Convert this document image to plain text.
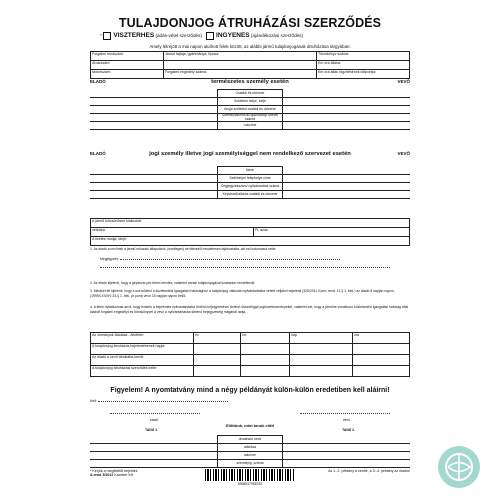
TULAJDONJOG ÁTRUHÁZÁSI SZERZŐDÉS
* VISZTERHES (adás-vétel szerződés) INGYENES (ajándékozási szerződés)
Amely létrejött a mai napon alulírott felek között, az alábbi jármű tulajdonjogának átruházása tárgyában:
Forgalmi rendszám:	Jármű fajtája, gyártmánya, típusa:	Törzskönyv száma:
Alvázszám:		Km óra állása:
Motorszám:	Forgalmi engedély száma:	Km óra állás rögzítésének időpontja:
ELADÓ	természetes személy esetén	VEVŐ
	Családi és utóneve	
	Születési helye, ideje	
	Anyja születési családi és utóneve	
	Személyazonosító igazolvány/ útlevél száma	
	Lakcíme	
ELADÓ	jogi személy illetve jogi személyiséggel nem rendelkező szervezet esetén	VEVŐ
	Neve	
	Székhelye/ telephelye címe	
	Cégjegyzékszám/ nyilvántartási száma	
	Képviselő/aláírás családi és utóneve	
A jármű kölcsönösen kialkudott
vételára	Ft, azaz
A fizetés módja, ideje:
1. Az eladó a vevőnek a jármű műszaki állapotáról, (esetleges) sérüléseiről részletesen tájékoztatta, aki ezt tudomásul vette.
Megjegyzés:
2. Az eladó kijelenti, hogy a gépkocsi per-teher-mentes, valamint annak tulajdonjogával szabadon rendelkezik.
3. Mindkét fél kijelenti, hogy a szerződést a közlekedési igazgatási hatósághoz a tulajdonjog változás nyilvántartásba vétele céljából bejelenti (326/2011 Korm. rend. 11.§ 1. bek.) az átadó 8 napján napon, (1999/LXXXIV 33.§ 1. bek. (b pont) vevő 15 napján napon belül.
4. A felek nyilatkoznak arról, hogy ismerik a bejelentés nyilvántartásba történő bejegyzésével történő összefüggő jogkövetkezményeket, valamint azt, hogy a járműre vonatkozó közlekedési igazgatási hatóság által kiadott forgalmi engedélyt és törzskönyvet a vevő a nyilvántartásba történő bejegyzéséig magánál tartja.
Az okmányok átadása - átvétele:	év	hó	nap	óra
A tulajdonjog átruházás bejelentésének napja:				
Az eladó a vevő birtokába került:				
A tulajdonjog átruházási szerződés kelte:				
Figyelem! A nyomtatvány mind a négy példányát külön-külön eredetiben kell aláírni!
Kelt:
eladó	vevő
Előttünk, mint tanúk előtt
TANÚ 1.	TANÚ 2.
	olvasható neve	
	aláírása	
	lakcíme	
	személyig. száma	
* Kérjük a megfelelőt bejelölni.
A.rend 3/2012 Kamiker Kft.
Az 1.-2. példány a vevőé, a 3.-4. példány az eladóé
5998937958782
